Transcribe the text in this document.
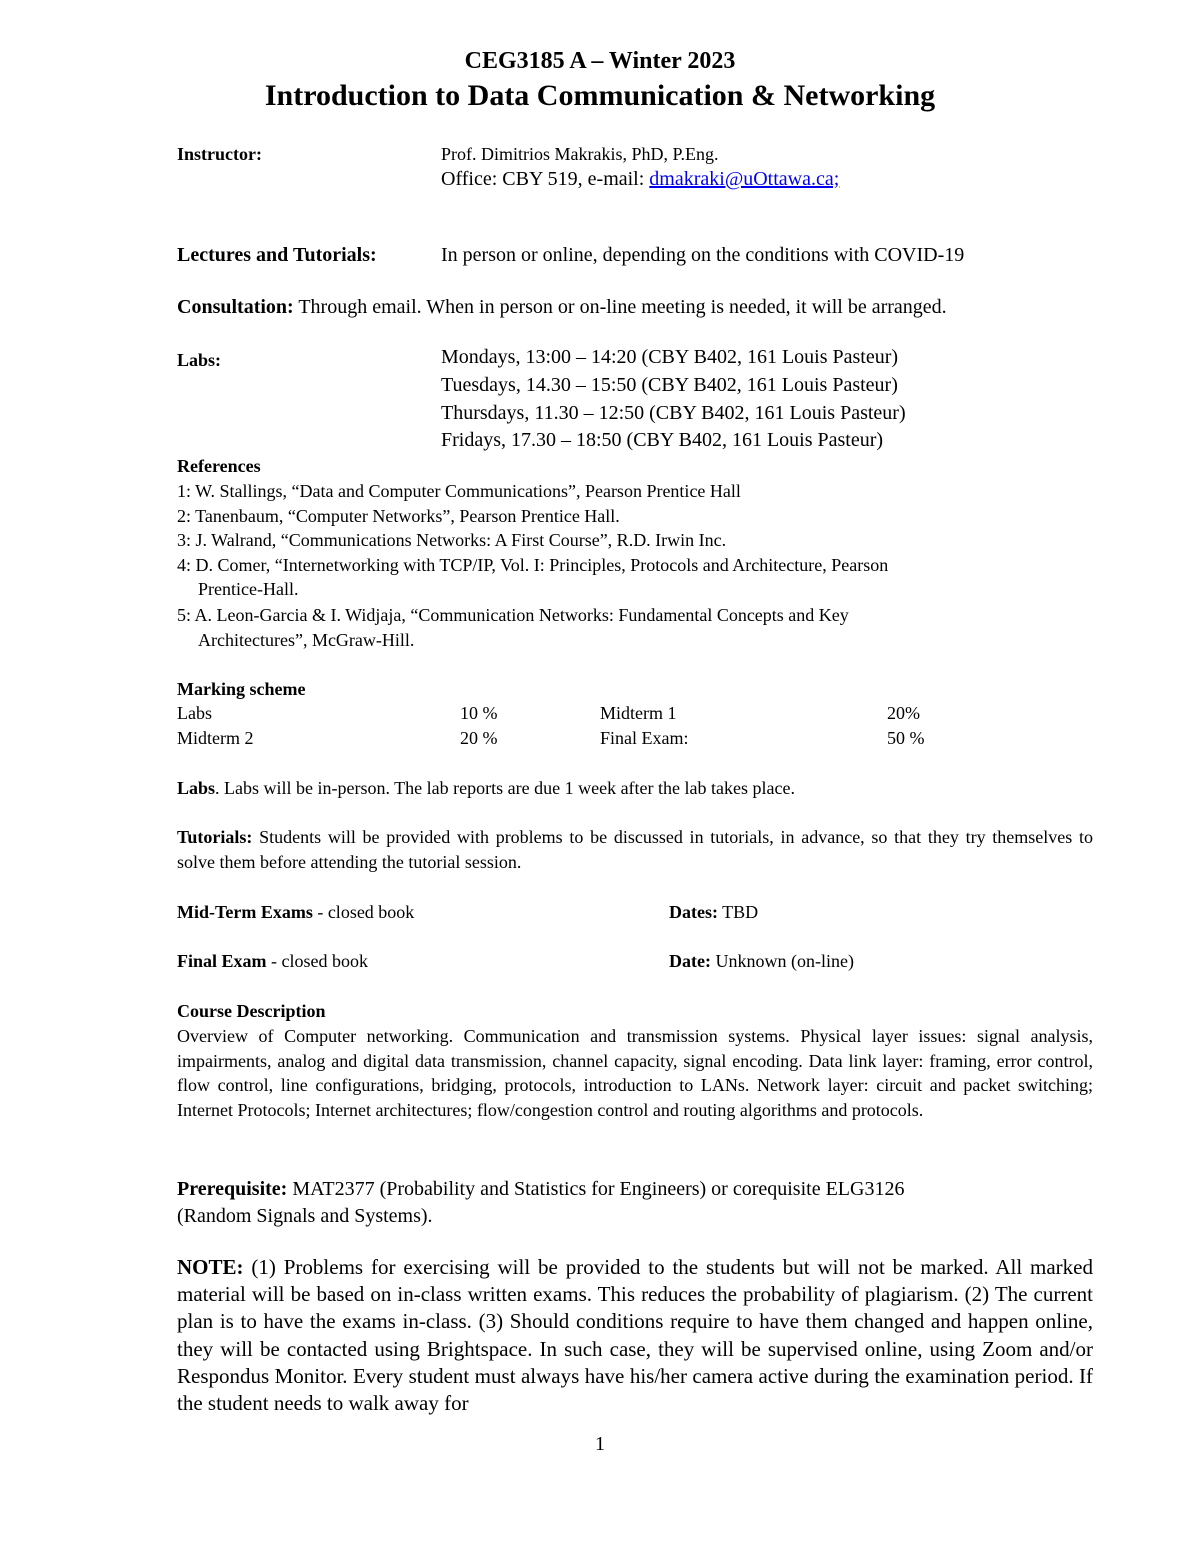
CEG3185 A – Winter 2023
Introduction to Data Communication & Networking
Instructor:	Prof. Dimitrios Makrakis, PhD, P.Eng.
Office: CBY 519, e-mail: dmakraki@uOttawa.ca;
Lectures and Tutorials:	In person or online, depending on the conditions with COVID-19
Consultation: Through email. When in person or on-line meeting is needed, it will be arranged.
Labs:	Mondays, 13:00 – 14:20 (CBY B402, 161 Louis Pasteur)
Tuesdays, 14.30 – 15:50 (CBY B402, 161 Louis Pasteur)
Thursdays, 11.30 – 12:50 (CBY B402, 161 Louis Pasteur)
Fridays, 17.30 – 18:50 (CBY B402, 161 Louis Pasteur)
References
1: W. Stallings, “Data and Computer Communications”, Pearson Prentice Hall
2: Tanenbaum, “Computer Networks”, Pearson Prentice Hall.
3: J. Walrand, “Communications Networks: A First Course”, R.D. Irwin Inc.
4: D. Comer, “Internetworking with TCP/IP, Vol. I: Principles, Protocols and Architecture, Pearson
Prentice-Hall.
5: A. Leon-Garcia & I. Widjaja, “Communication Networks: Fundamental Concepts and Key
Architectures”, McGraw-Hill.
Marking scheme
Labs	10 %	Midterm 1	20%
Midterm 2	20 %	Final Exam:	50 %
Labs. Labs will be in-person. The lab reports are due 1 week after the lab takes place.
Tutorials: Students will be provided with problems to be discussed in tutorials, in advance, so that they try themselves to solve them before attending the tutorial session.
Mid-Term Exams - closed book	Dates: TBD
Final Exam - closed book	Date: Unknown (on-line)
Course Description
Overview of Computer networking. Communication and transmission systems. Physical layer issues: signal analysis, impairments, analog and digital data transmission, channel capacity, signal encoding. Data link layer: framing, error control, flow control, line configurations, bridging, protocols, introduction to LANs. Network layer: circuit and packet switching; Internet Protocols; Internet architectures; flow/congestion control and routing algorithms and protocols.
Prerequisite: MAT2377 (Probability and Statistics for Engineers) or corequisite ELG3126
(Random Signals and Systems).
NOTE: (1) Problems for exercising will be provided to the students but will not be marked. All marked material will be based on in-class written exams. This reduces the probability of plagiarism. (2) The current plan is to have the exams in-class. (3) Should conditions require to have them changed and happen online, they will be contacted using Brightspace. In such case, they will be supervised online, using Zoom and/or Respondus Monitor. Every student must always have his/her camera active during the examination period. If the student needs to walk away for
1
